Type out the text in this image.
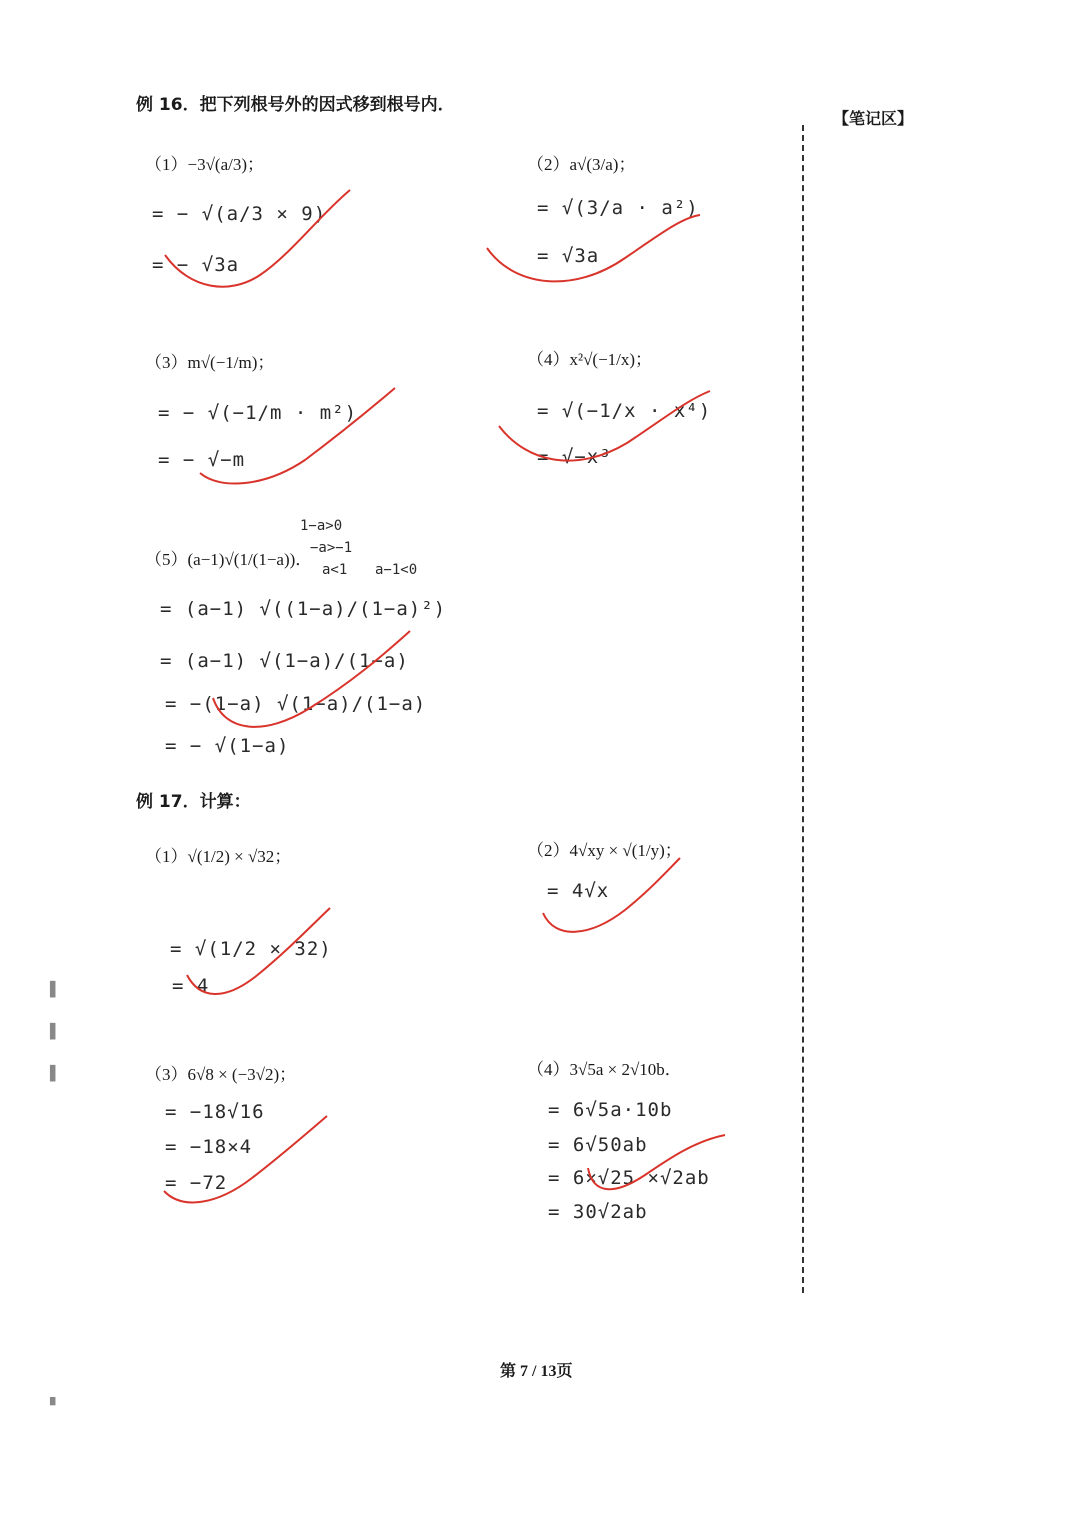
【笔记区】
例 16．把下列根号外的因式移到根号内．
（1）−3√(a/3)；
= − √(a/3 × 9)
= − √3a
（2）a√(3/a)；
= √(3/a · a²)
= √3a
（3）m√(−1/m)；
= − √(−1/m · m²)
= − √−m
（4）x²√(−1/x)；
= √(−1/x · x⁴)
= √−x³
（5）(a−1)√(1/(1−a))．
1−a>0
−a>−1
a<1 a−1<0
= (a−1) √((1−a)/(1−a)²)
= (a−1) √(1−a)/(1−a)
= −(1−a) √(1−a)/(1−a)
= − √(1−a)
例 17．计算：
（1）√(1/2) × √32；
= √(1/2 × 32)
= 4
（2）4√xy × √(1/y)；
= 4√x
（3）6√8 × (−3√2)；
= −18√16
= −18×4
= −72
（4）3√5a × 2√10b．
= 6√5a·10b
= 6√50ab
= 6×√25 ×√2ab
= 30√2ab
▌
▌
▌
▘
第 7 / 13页
